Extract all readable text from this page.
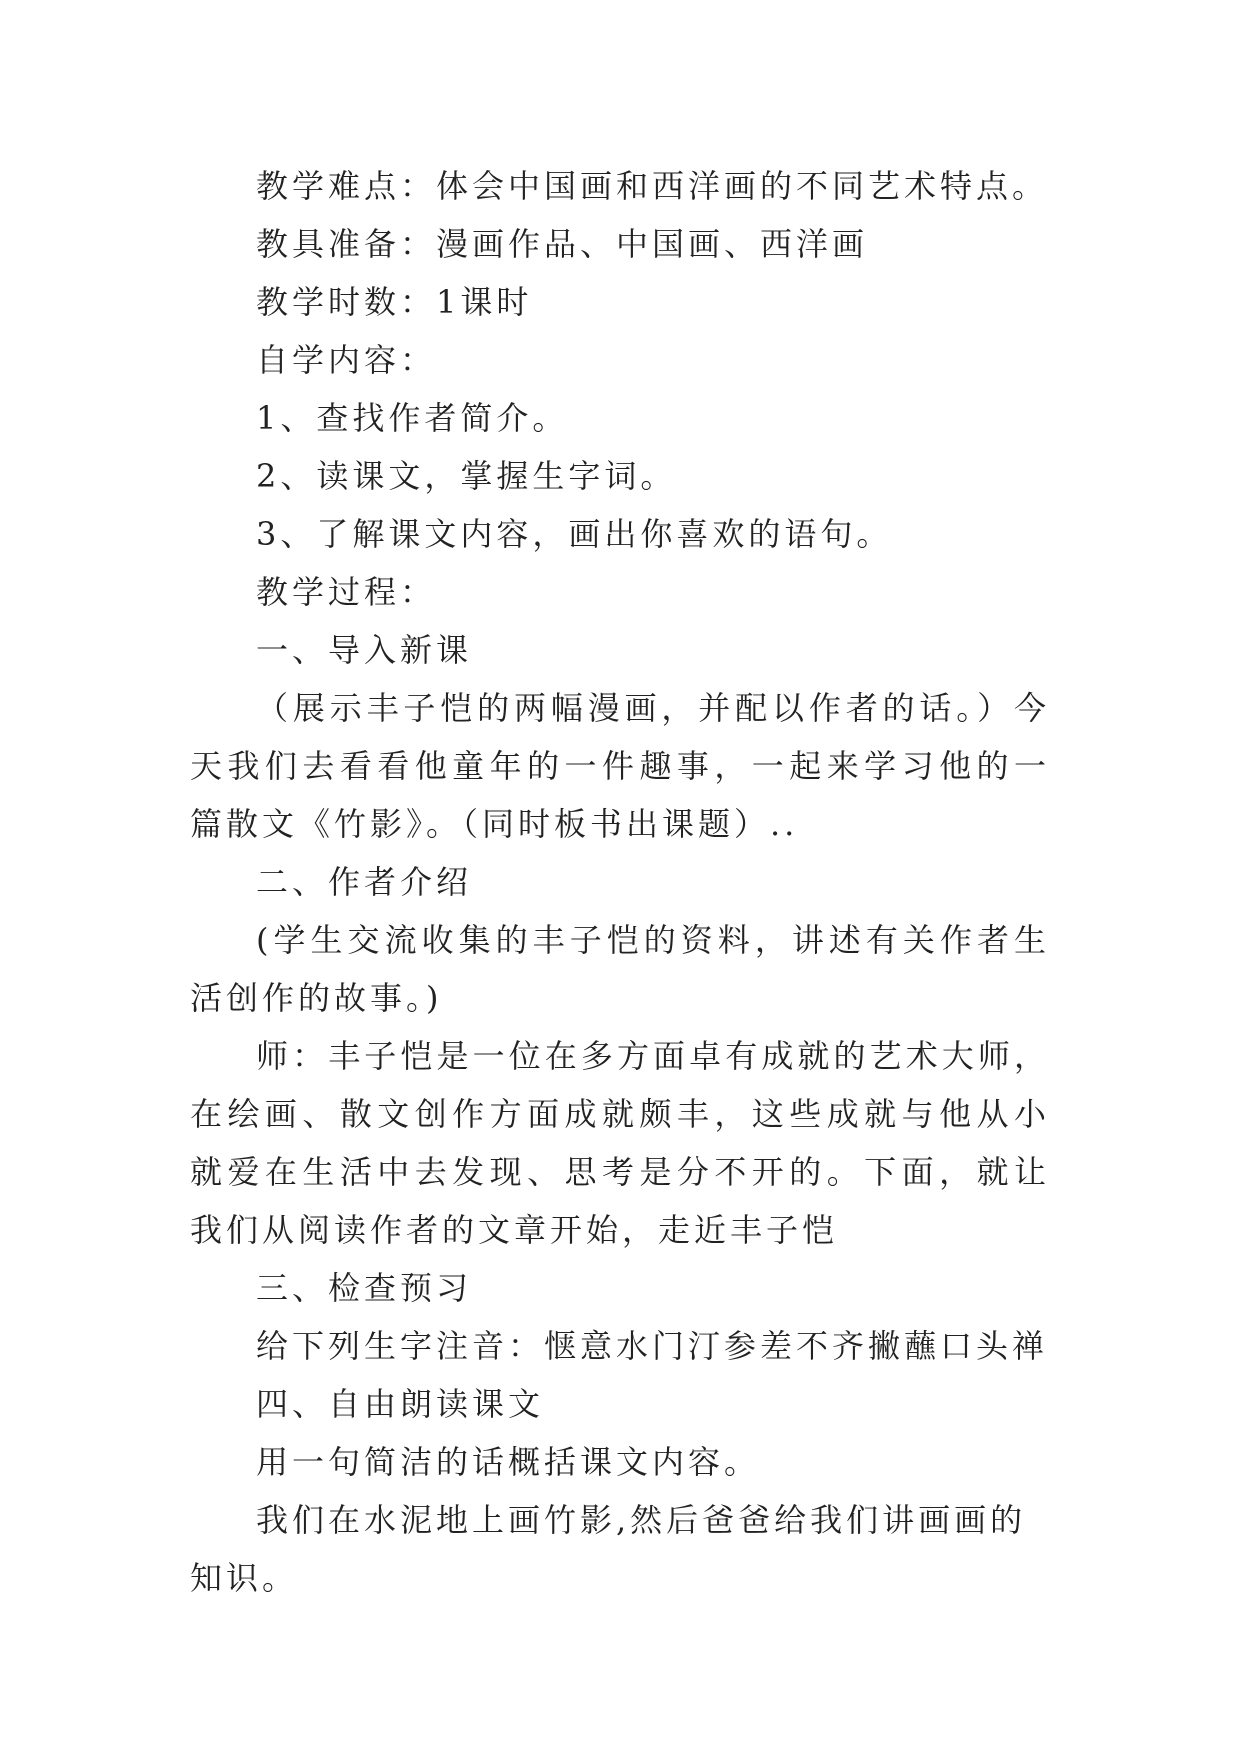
教学难点：体会中国画和西洋画的不同艺术特点。

教具准备：漫画作品、中国画、西洋画

教学时数：1课时

自学内容：

1、查找作者简介。

2、读课文，掌握生字词。

3、了解课文内容，画出你喜欢的语句。

教学过程：

一、导入新课

（展示丰子恺的两幅漫画，并配以作者的话。）今天我们去看看他童年的一件趣事，一起来学习他的一篇散文《竹影》。（同时板书出课题）..

二、作者介绍

(学生交流收集的丰子恺的资料，讲述有关作者生活创作的故事。)

师：丰子恺是一位在多方面卓有成就的艺术大师，在绘画、散文创作方面成就颇丰，这些成就与他从小就爱在生活中去发现、思考是分不开的。下面，就让我们从阅读作者的文章开始，走近丰子恺

三、检查预习

给下列生字注音：惬意水门汀参差不齐撇蘸口头禅

四、自由朗读课文

用一句简洁的话概括课文内容。

我们在水泥地上画竹影,然后爸爸给我们讲画画的知识。
